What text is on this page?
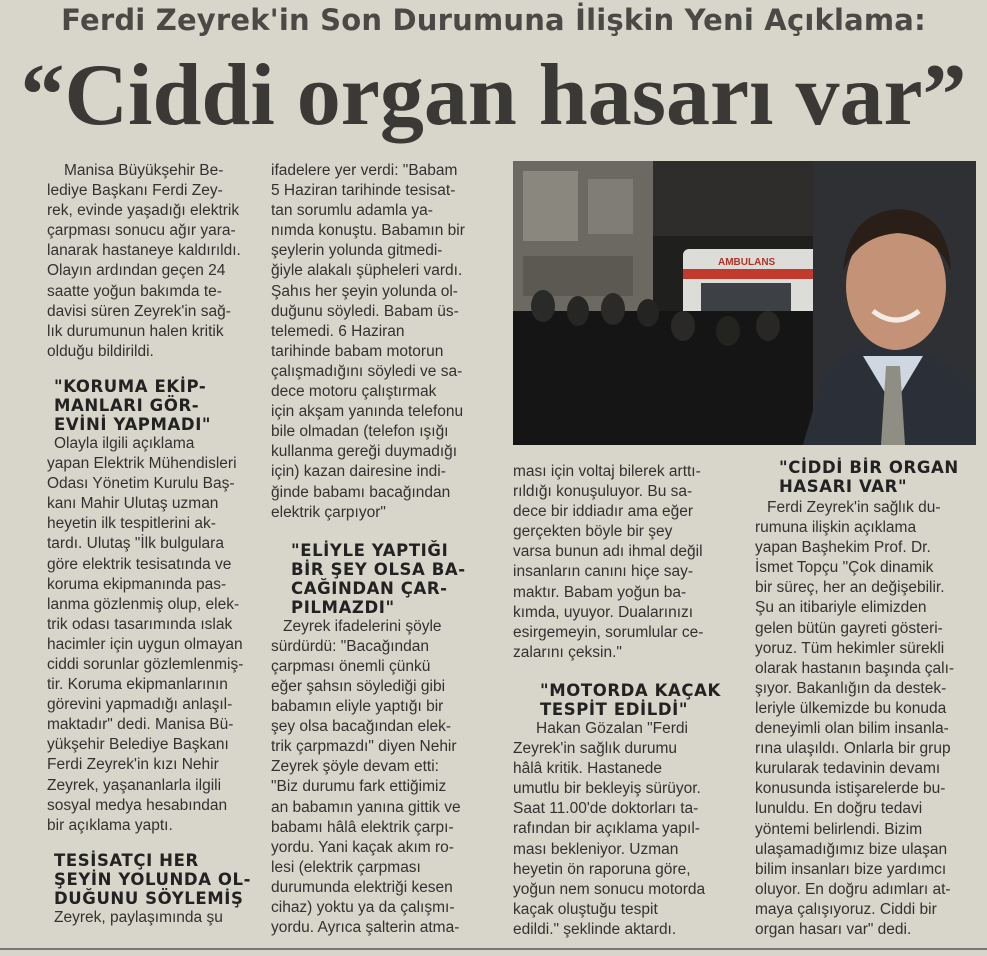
Ferdi Zeyrek'in Son Durumuna İlişkin Yeni Açıklama:
“Ciddi organ hasarı var”

Manisa Büyükşehir Be-

lediye Başkanı Ferdi Zey-

rek, evinde yaşadığı elektrik

çarpması sonucu ağır yara-

lanarak hastaneye kaldırıldı.

Olayın ardından geçen 24

saatte yoğun bakımda te-

davisi süren Zeyrek'in sağ-

lık durumunun halen kritik

olduğu bildirildi.

"KORUMA EKİP-

MANLARI GÖR-

EVİNİ YAPMADI"

Olayla ilgili açıklama

yapan Elektrik Mühendisleri

Odası Yönetim Kurulu Baş-

kanı Mahir Ulutaş uzman

heyetin ilk tespitlerini ak-

tardı. Ulutaş "İlk bulgulara

göre elektrik tesisatında ve

koruma ekipmanında pas-

lanma gözlenmiş olup, elek-

trik odası tasarımında ıslak

hacimler için uygun olmayan

ciddi sorunlar gözlemlenmiş-

tir. Koruma ekipmanlarının

görevini yapmadığı anlaşıl-

maktadır" dedi. Manisa Bü-

yükşehir Belediye Başkanı

Ferdi Zeyrek'in kızı Nehir

Zeyrek, yaşananlarla ilgili

sosyal medya hesabından

bir açıklama yaptı.

TESİSATÇI HER

ŞEYİN YOLUNDA OL-

DUĞUNU SÖYLEMİŞ

Zeyrek, paylaşımında şu

ifadelere yer verdi: "Babam

5 Haziran tarihinde tesisat-

tan sorumlu adamla ya-

nımda konuştu. Babamın bir

şeylerin yolunda gitmedi-

ğiyle alakalı şüpheleri vardı.

Şahıs her şeyin yolunda ol-

duğunu söyledi. Babam üs-

telemedi. 6 Haziran

tarihinde babam motorun

çalışmadığını söyledi ve sa-

dece motoru çalıştırmak

için akşam yanında telefonu

bile olmadan (telefon ışığı

kullanma gereği duymadığı

için) kazan dairesine indi-

ğinde babamı bacağından

elektrik çarpıyor"

"ELİYLE YAPTIĞI

BİR ŞEY OLSA BA-

CAĞINDAN ÇAR-

PILMAZDI"

Zeyrek ifadelerini şöyle

sürdürdü: "Bacağından

çarpması önemli çünkü

eğer şahsın söylediği gibi

babamın eliyle yaptığı bir

şey olsa bacağından elek-

trik çarpmazdı" diyen Nehir

Zeyrek şöyle devam etti:

"Biz durumu fark ettiğimiz

an babamın yanına gittik ve

babamı hâlâ elektrik çarpı-

yordu. Yani kaçak akım ro-

lesi (elektrik çarpması

durumunda elektriği kesen

cihaz) yoktu ya da çalışmı-

yordu. Ayrıca şalterin atma-

AMBULANS

ması için voltaj bilerek arttı-

rıldığı konuşuluyor. Bu sa-

dece bir iddiadır ama eğer

gerçekten böyle bir şey

varsa bunun adı ihmal değil

insanların canını hiçe say-

maktır. Babam yoğun ba-

kımda, uyuyor. Dualarınızı

esirgemeyin, sorumlular ce-

zalarını çeksin."

"MOTORDA KAÇAK

TESPİT EDİLDİ"

Hakan Gözalan "Ferdi

Zeyrek'in sağlık durumu

hâlâ kritik. Hastanede

umutlu bir bekleyiş sürüyor.

Saat 11.00'de doktorları ta-

rafından bir açıklama yapıl-

ması bekleniyor. Uzman

heyetin ön raporuna göre,

yoğun nem sonucu motorda

kaçak oluştuğu tespit

edildi." şeklinde aktardı.

"CİDDİ BİR ORGAN

HASARI VAR"

Ferdi Zeyrek'in sağlık du-

rumuna ilişkin açıklama

yapan Başhekim Prof. Dr.

İsmet Topçu "Çok dinamik

bir süreç, her an değişebilir.

Şu an itibariyle elimizden

gelen bütün gayreti gösteri-

yoruz. Tüm hekimler sürekli

olarak hastanın başında çalı-

şıyor. Bakanlığın da destek-

leriyle ülkemizde bu konuda

deneyimli olan bilim insanla-

rına ulaşıldı. Onlarla bir grup

kurularak tedavinin devamı

konusunda istişarelerde bu-

lunuldu. En doğru tedavi

yöntemi belirlendi. Bizim

ulaşamadığımız bize ulaşan

bilim insanları bize yardımcı

oluyor. En doğru adımları at-

maya çalışıyoruz. Ciddi bir

organ hasarı var" dedi.
